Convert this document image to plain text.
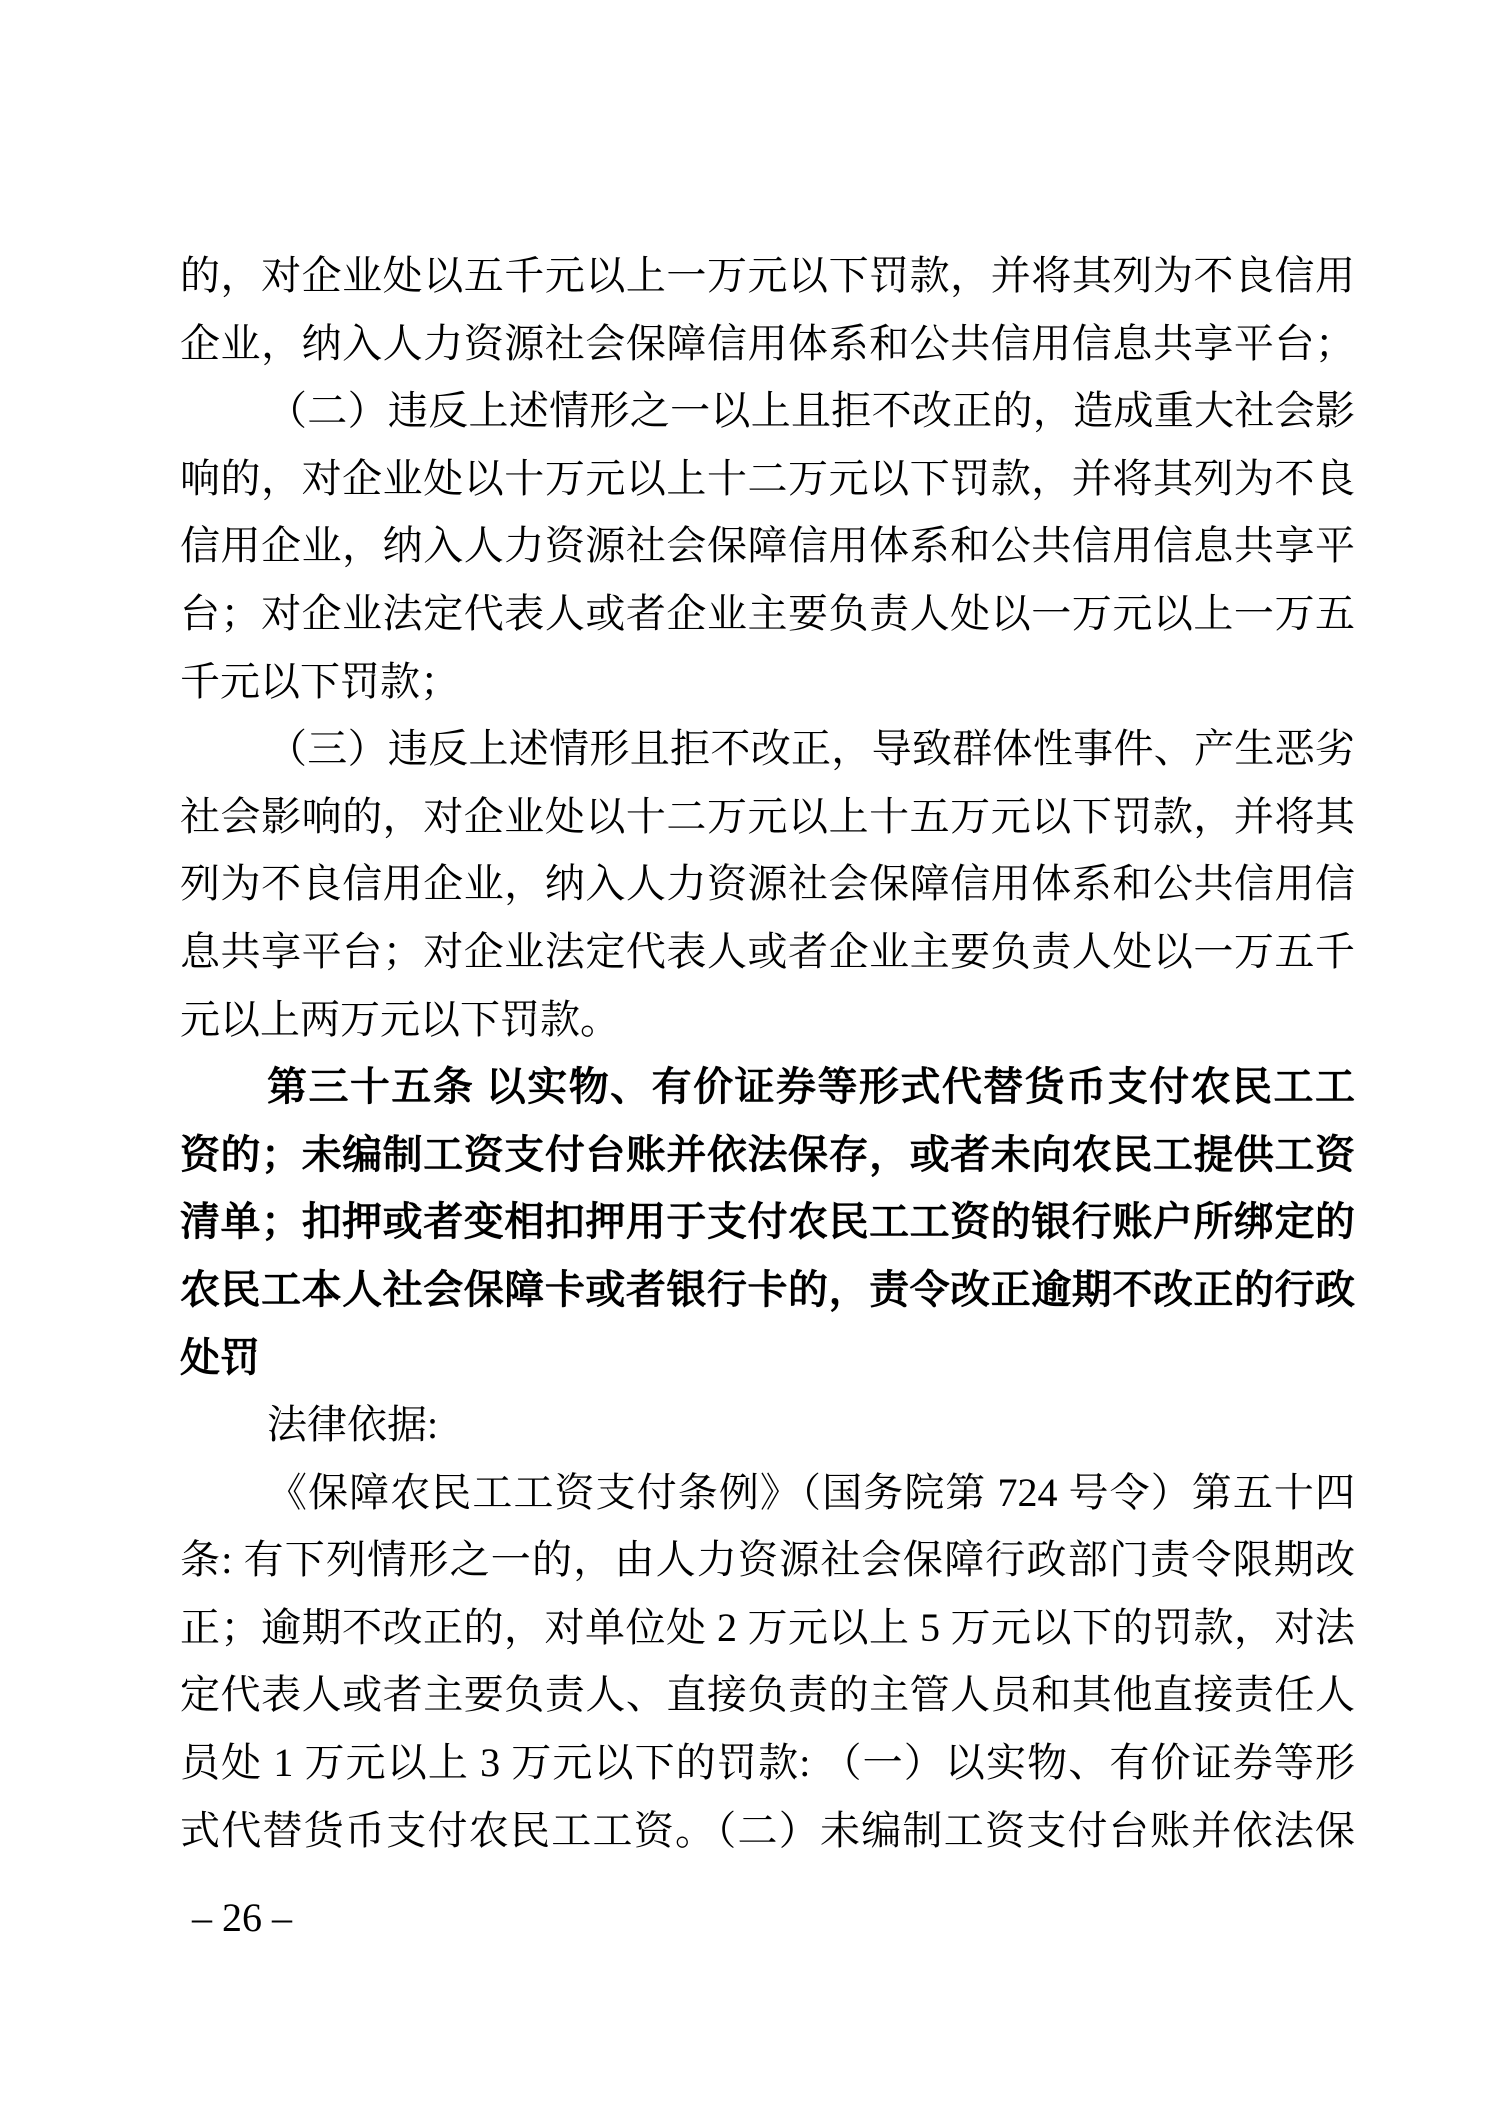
的，对企业处以五千元以上一万元以下罚款，并将其列为不良信用
企业，纳入人力资源社会保障信用体系和公共信用信息共享平台；
（二）违反上述情形之一以上且拒不改正的，造成重大社会影
响的，对企业处以十万元以上十二万元以下罚款，并将其列为不良
信用企业，纳入人力资源社会保障信用体系和公共信用信息共享平
台；对企业法定代表人或者企业主要负责人处以一万元以上一万五
千元以下罚款；
（三）违反上述情形且拒不改正，导致群体性事件、产生恶劣
社会影响的，对企业处以十二万元以上十五万元以下罚款，并将其
列为不良信用企业，纳入人力资源社会保障信用体系和公共信用信
息共享平台；对企业法定代表人或者企业主要负责人处以一万五千
元以上两万元以下罚款。
第三十五条 以实物、有价证券等形式代替货币支付农民工工
资的；未编制工资支付台账并依法保存，或者未向农民工提供工资
清单；扣押或者变相扣押用于支付农民工工资的银行账户所绑定的
农民工本人社会保障卡或者银行卡的，责令改正逾期不改正的行政
处罚
法律依据:
《保障农民工工资支付条例》（国务院第 724 号令）第五十四
条: 有下列情形之一的，由人力资源社会保障行政部门责令限期改
正；逾期不改正的，对单位处 2 万元以上 5 万元以下的罚款，对法
定代表人或者主要负责人、直接负责的主管人员和其他直接责任人
员处 1 万元以上 3 万元以下的罚款: （一）以实物、有价证券等形
式代替货币支付农民工工资。（二）未编制工资支付台账并依法保
– 26 –
